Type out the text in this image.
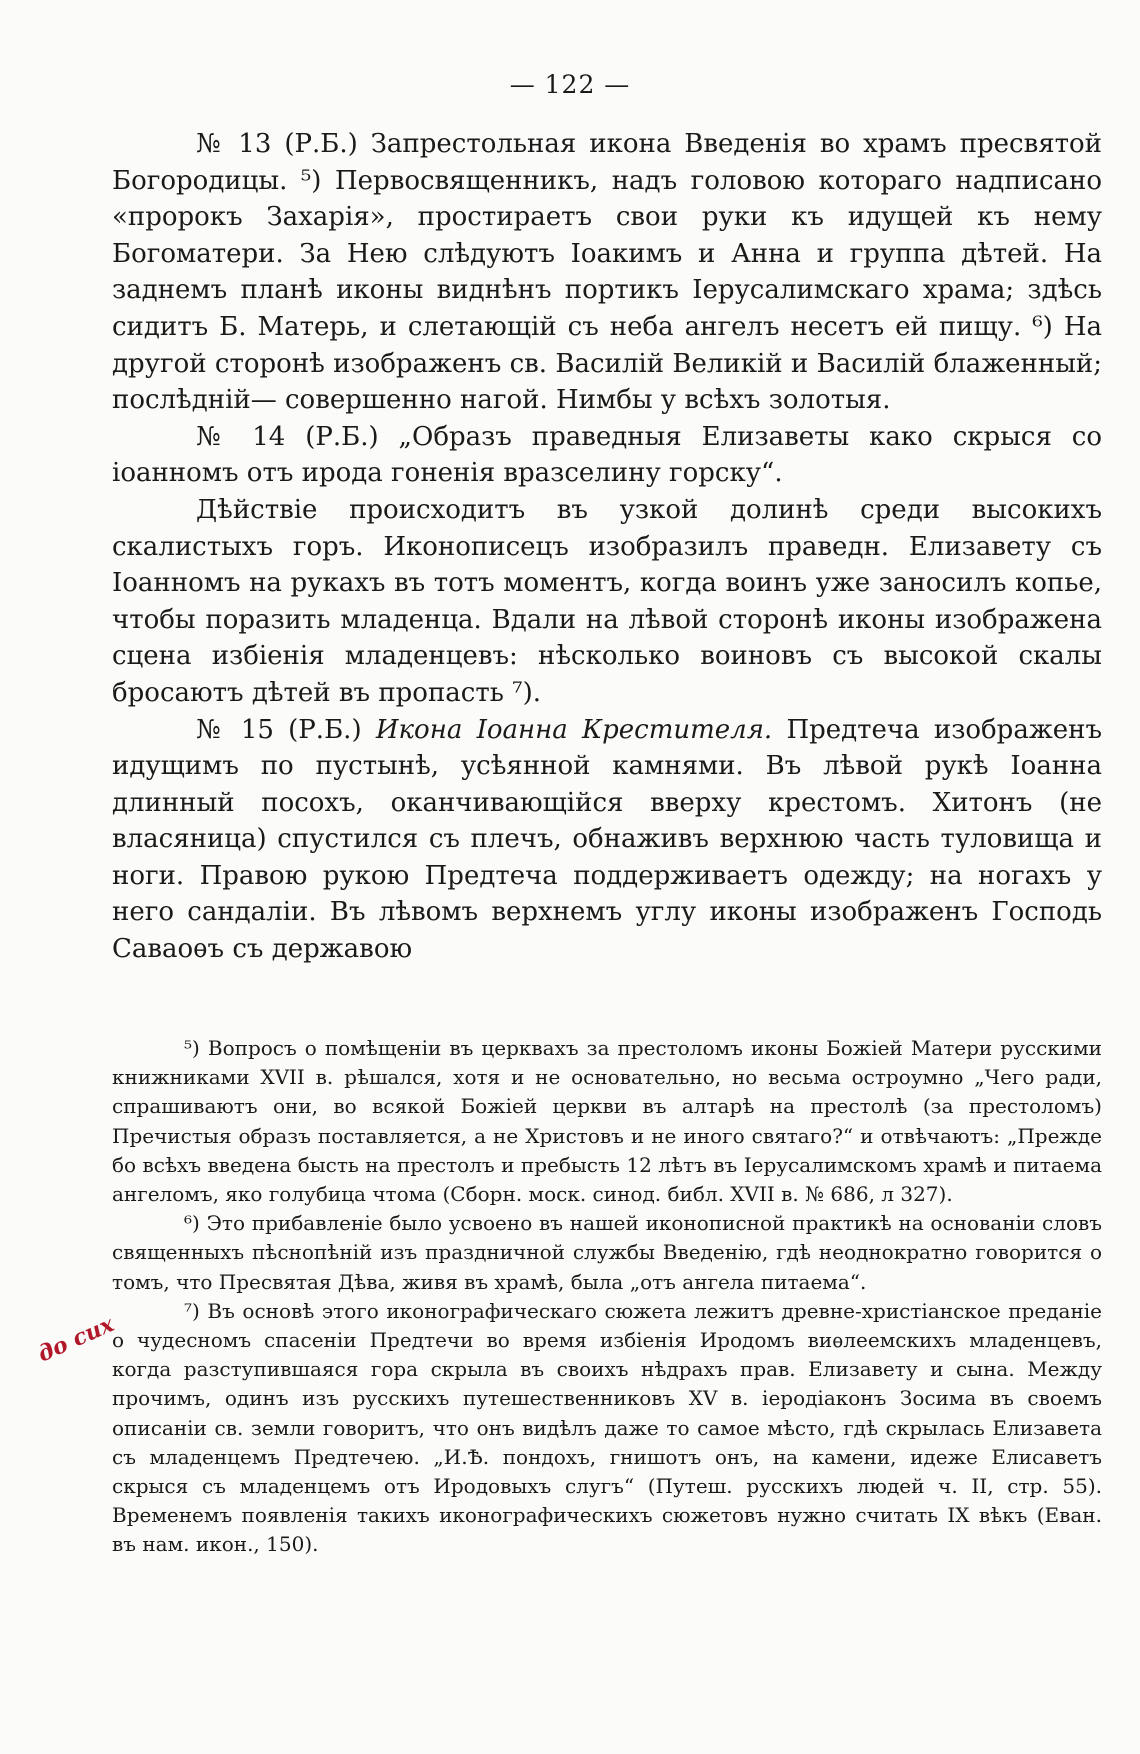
— 122 —

№ 13 (Р.Б.) Запрестольная икона Введенія во храмъ пресвятой Богородицы. ⁵) Первосвященникъ, надъ головою котораго надписано «пророкъ Захарія», простираетъ свои руки къ идущей къ нему Богоматери. За Нею слѣдуютъ Іоакимъ и Анна и группа дѣтей. На заднемъ планѣ иконы виднѣнъ портикъ Іерусалимскаго храма; здѣсь сидитъ Б. Матерь, и слетающій съ неба ангелъ несетъ ей пищу. ⁶) На другой сторонѣ изображенъ св. Василій Великій и Василій блаженный; послѣдній— совершенно нагой. Нимбы у всѣхъ золотыя.

№ 14 (Р.Б.) „Образъ праведныя Елизаветы како скрыся со іоанномъ отъ ирода гоненія вразселину горску“.

Дѣйствіе происходитъ въ узкой долинѣ среди высокихъ скалистыхъ горъ. Иконописецъ изобразилъ праведн. Елизавету съ Іоанномъ на рукахъ въ тотъ моментъ, когда воинъ уже заносилъ копье, чтобы поразить младенца. Вдали на лѣвой сторонѣ иконы изображена сцена избіенія младенцевъ: нѣсколько воиновъ съ высокой скалы бросаютъ дѣтей въ пропасть ⁷).

№ 15 (Р.Б.) Икона Іоанна Крестителя. Предтеча изображенъ идущимъ по пустынѣ, усѣянной камнями. Въ лѣвой рукѣ Іоанна длинный посохъ, оканчивающійся вверху крестомъ. Хитонъ (не власяница) спустился съ плечъ, обнаживъ верхнюю часть туловища и ноги. Правою рукою Предтеча поддерживаетъ одежду; на ногахъ у него сандаліи. Въ лѣвомъ верхнемъ углу иконы изображенъ Господь Саваоѳъ съ державою

⁵) Вопросъ о помѣщеніи въ церквахъ за престоломъ иконы Божіей Матери русскими книжниками XVII в. рѣшался, хотя и не основательно, но весьма остроумно „Чего ради, спрашиваютъ они, во всякой Божіей церкви въ алтарѣ на престолѣ (за престоломъ) Пречистыя образъ поставляется, а не Христовъ и не иного святаго?“ и отвѣчаютъ: „Прежде бо всѣхъ введена бысть на престолъ и пребысть 12 лѣтъ въ Іерусалимскомъ храмѣ и питаема ангеломъ, яко голубица чтома (Сборн. моск. синод. библ. XVII в. № 686, л 327).

⁶) Это прибавленіе было усвоено въ нашей иконописной практикѣ на основаніи словъ священныхъ пѣснопѣній изъ праздничной службы Введенію, гдѣ неоднократно говорится о томъ, что Пресвятая Дѣва, живя въ храмѣ, была „отъ ангела питаема“.

⁷) Въ основѣ этого иконографическаго сюжета лежитъ древне-христіанское преданіе о чудесномъ спасеніи Предтечи во время избіенія Иродомъ виѳлеемскихъ младенцевъ, когда разступившаяся гора скрыла въ своихъ нѣдрахъ прав. Елизавету и сына. Между прочимъ, одинъ изъ русскихъ путешественниковъ XV в. іеродіаконъ Зосима въ своемъ описаніи св. земли говоритъ, что онъ видѣлъ даже то самое мѣсто, гдѣ скрылась Елизавета съ младенцемъ Предтечею. „И.Ѣ. пондохъ, гнишотъ онъ, на камени, идеже Елисаветъ скрыся съ младенцемъ отъ Иродовыхъ слугъ“ (Путеш. русскихъ людей ч. II, стр. 55). Временемъ появленія такихъ иконографическихъ сюжетовъ нужно считать IX вѣкъ (Еван. въ нам. икон., 150).

до сих
